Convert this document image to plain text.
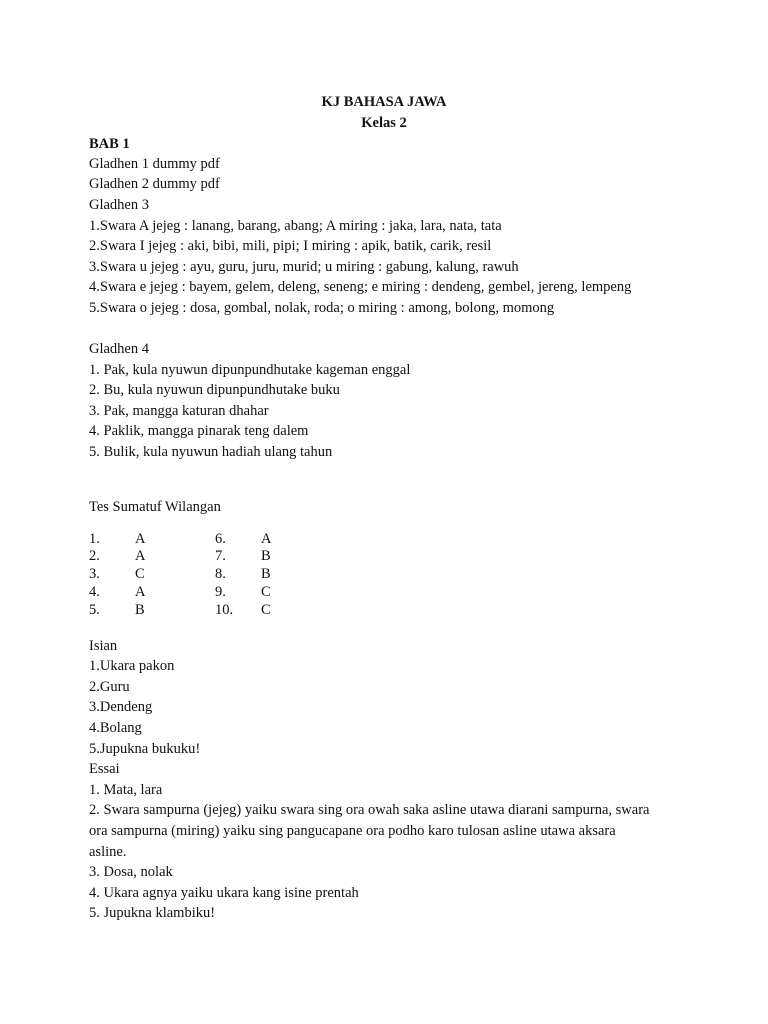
KJ BAHASA JAWA
Kelas 2
BAB 1
Gladhen 1 dummy pdf
Gladhen 2 dummy pdf
Gladhen 3
1.Swara A jejeg : lanang, barang, abang; A miring : jaka, lara, nata, tata
2.Swara I jejeg : aki, bibi, mili, pipi; I miring : apik, batik, carik, resil
3.Swara u jejeg : ayu, guru, juru, murid; u miring : gabung, kalung, rawuh
4.Swara e jejeg : bayem, gelem, deleng, seneng; e miring : dendeng, gembel, jereng, lempeng
5.Swara o jejeg : dosa, gombal, nolak, roda; o miring : among, bolong, momong
Gladhen 4
1. Pak, kula nyuwun dipunpundhutake kageman enggal
2. Bu, kula nyuwun dipunpundhutake buku
3. Pak, mangga katuran dhahar
4. Paklik, mangga pinarak teng dalem
5. Bulik, kula nyuwun hadiah ulang tahun
Tes Sumatuf Wilangan
1. A	6. A
2. A	7. B
3. C	8. B
4. A	9. C
5. B	10. C
Isian
1.Ukara pakon
2.Guru
3.Dendeng
4.Bolang
5.Jupukna bukuku!
Essai
1. Mata, lara
2. Swara sampurna (jejeg) yaiku swara sing ora owah saka asline utawa diarani sampurna, swara
ora sampurna (miring) yaiku sing pangucapane ora podho karo tulosan asline utawa aksara
asline.
3. Dosa, nolak
4. Ukara agnya yaiku ukara kang isine prentah
5. Jupukna klambiku!
